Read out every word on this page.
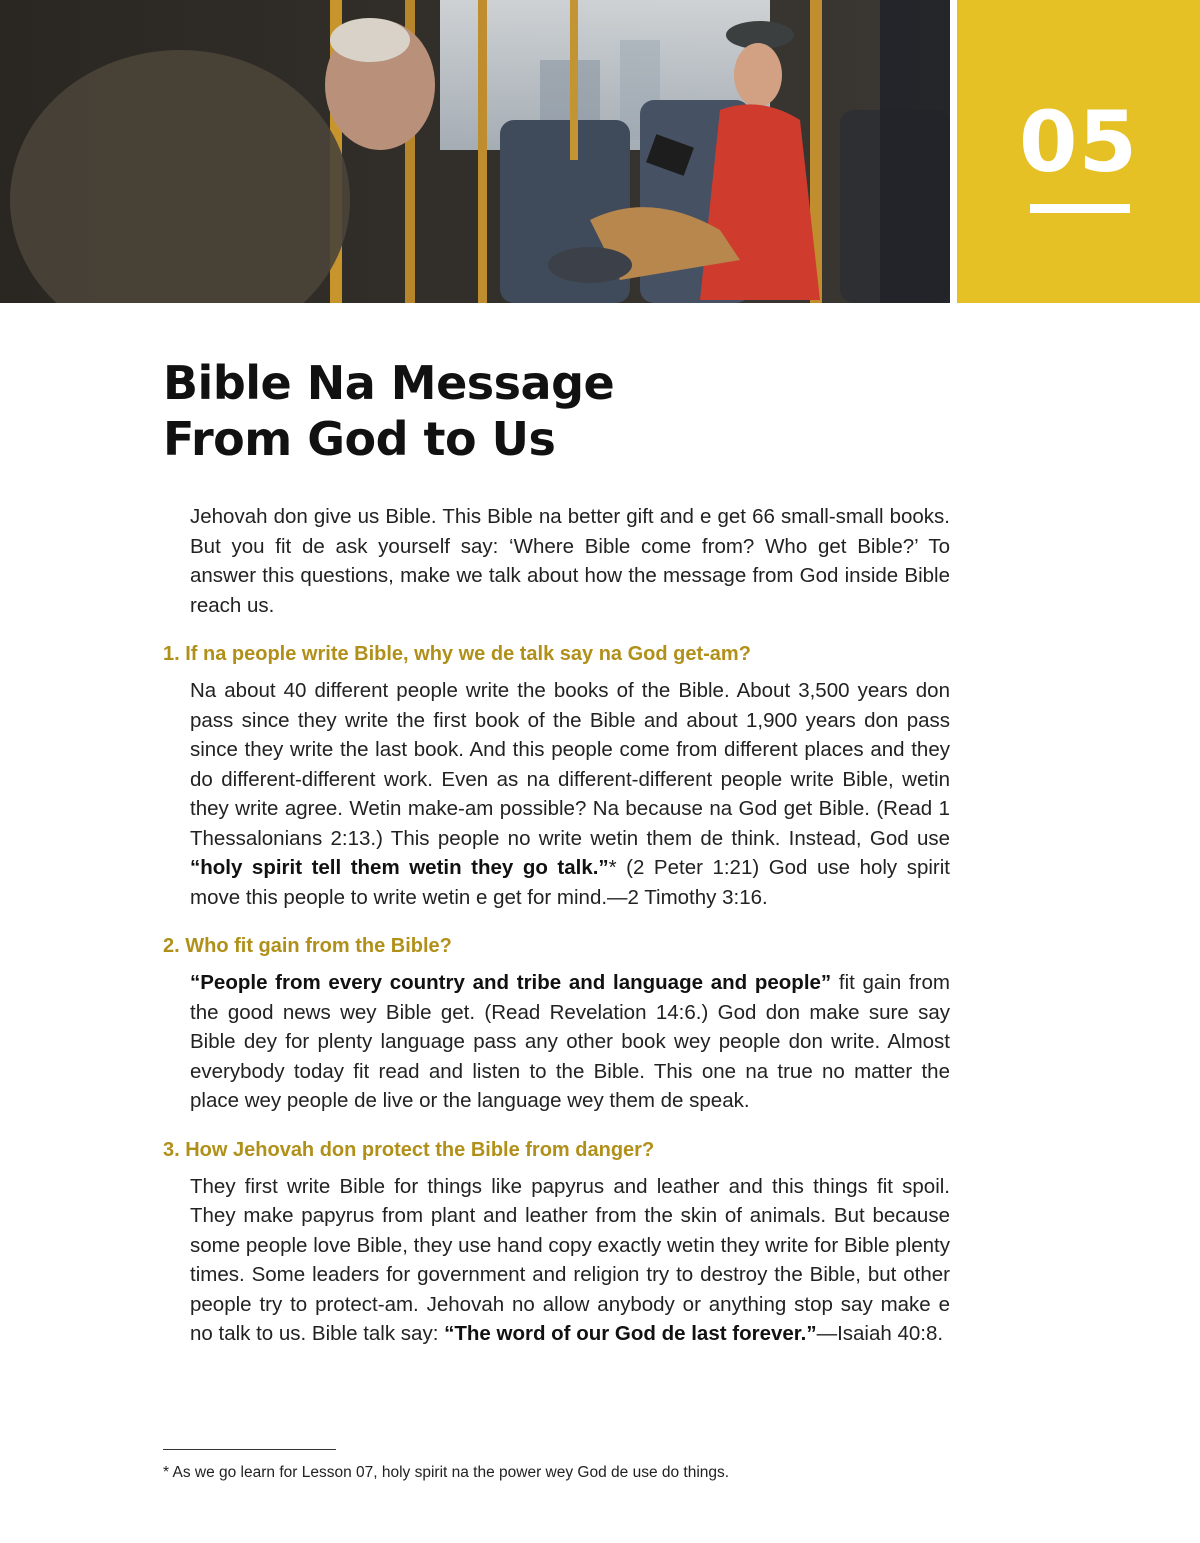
05
Bible Na Message
From God to Us

Jehovah don give us Bible. This Bible na better gift and e get 66 small-small books. But you fit de ask yourself say: ‘Where Bible come from? Who get Bible?’ To answer this questions, make we talk about how the message from God inside Bible reach us.

1. If na people write Bible, why we de talk say na God get-am?

Na about 40 different people write the books of the Bible. About 3,500 years don pass since they write the first book of the Bible and about 1,900 years don pass since they write the last book. And this people come from different places and they do different-different work. Even as na different-different people write Bible, wetin they write agree. Wetin make-am possible? Na because na God get Bible. (Read 1 Thessalonians 2:13.) This people no write wetin them de think. Instead, God use “holy spirit tell them wetin they go talk.”* (2 Peter 1:21) God use holy spirit move this people to write wetin e get for mind.—2 Timothy 3:16.

2. Who fit gain from the Bible?

“People from every country and tribe and language and people” fit gain from the good news wey Bible get. (Read Revelation 14:6.) God don make sure say Bible dey for plenty language pass any other book wey people don write. Almost everybody today fit read and listen to the Bible. This one na true no matter the place wey people de live or the language wey them de speak.

3. How Jehovah don protect the Bible from danger?

They first write Bible for things like papyrus and leather and this things fit spoil. They make papyrus from plant and leather from the skin of animals. But because some people love Bible, they use hand copy exactly wetin they write for Bible plenty times. Some leaders for government and religion try to destroy the Bible, but other people try to protect-am. Jehovah no allow anybody or anything stop say make e no talk to us. Bible talk say: “The word of our God de last forever.”—Isaiah 40:8.

* As we go learn for Lesson 07, holy spirit na the power wey God de use do things.
